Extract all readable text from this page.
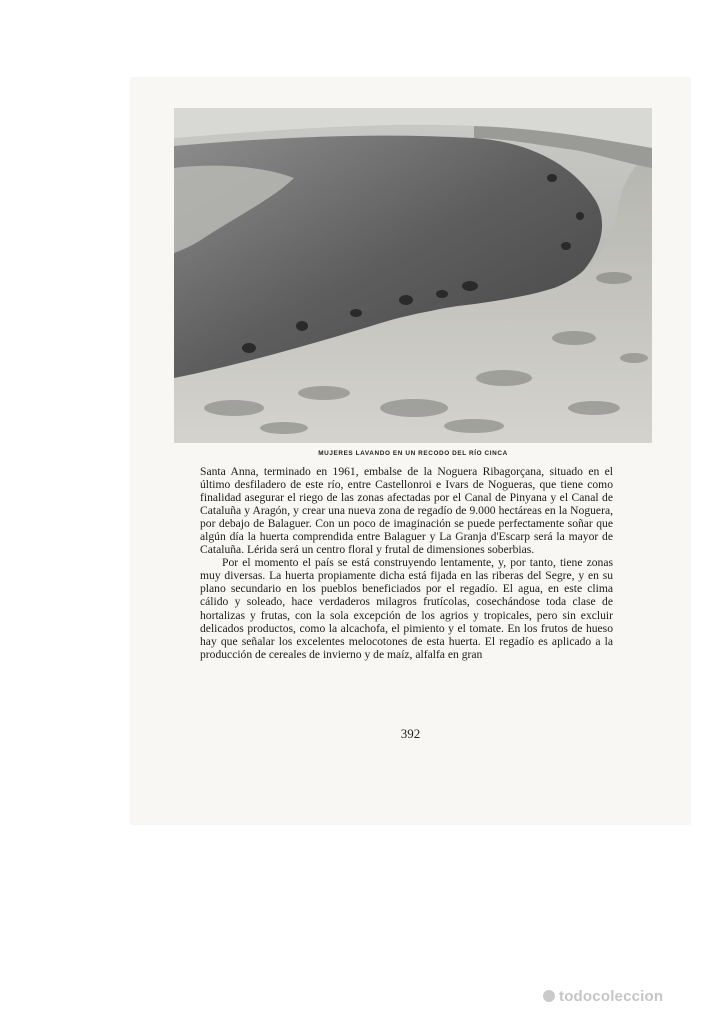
MUJERES LAVANDO EN UN RECODO DEL RÍO CINCA

Santa Anna, terminado en 1961, embalse de la Noguera Ribagorçana, situado en el último desfiladero de este río, entre Castellonroi e Ivars de Nogueras, que tiene como finalidad asegurar el riego de las zonas afectadas por el Canal de Pinyana y el Canal de Cataluña y Aragón, y crear una nueva zona de regadío de 9.000 hectáreas en la Noguera, por debajo de Balaguer. Con un poco de imaginación se puede perfectamente soñar que algún día la huerta comprendida entre Balaguer y La Granja d'Escarp será la mayor de Cataluña. Lérida será un centro floral y frutal de dimensiones soberbias.

Por el momento el país se está construyendo lentamente, y, por tanto, tiene zonas muy diversas. La huerta propiamente dicha está fijada en las riberas del Segre, y en su plano secundario en los pueblos beneficiados por el regadío. El agua, en este clima cálido y soleado, hace verdaderos milagros frutícolas, cosechándose toda clase de hortalizas y frutas, con la sola excepción de los agrios y tropicales, pero sin excluir delicados productos, como la alcachofa, el pimiento y el tomate. En los frutos de hueso hay que señalar los excelentes melocotones de esta huerta. El regadío es aplicado a la producción de cereales de invierno y de maíz, alfalfa en gran

392
todocoleccion
